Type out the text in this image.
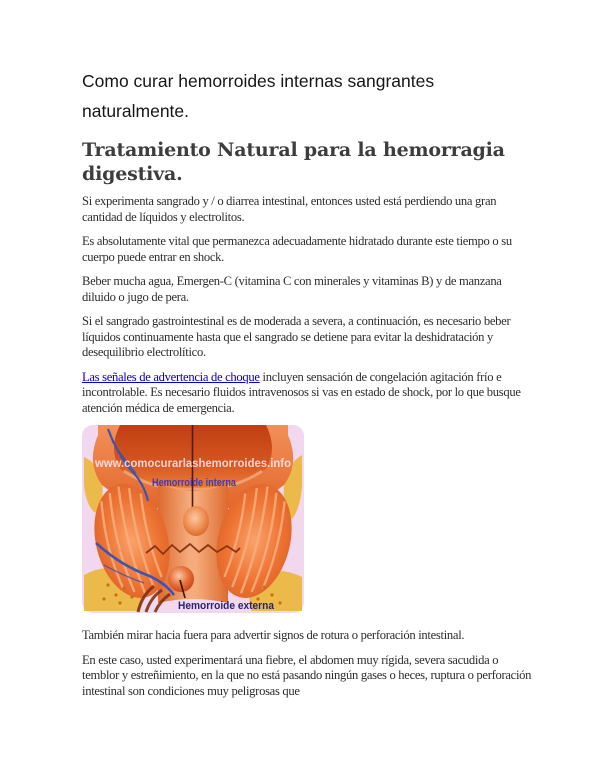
Como curar hemorroides internas sangrantes naturalmente.
Tratamiento Natural para la hemorragia digestiva.

Si experimenta sangrado y / o diarrea intestinal, entonces usted está perdiendo una gran cantidad de líquidos y electrolitos.

Es absolutamente vital que permanezca adecuadamente hidratado durante este tiempo o su cuerpo puede entrar en shock.

Beber mucha agua, Emergen-C (vitamina C con minerales y vitaminas B) y de manzana diluido o jugo de pera.

Si el sangrado gastrointestinal es de moderada a severa, a continuación, es necesario beber líquidos continuamente hasta que el sangrado se detiene para evitar la deshidratación y desequilibrio electrolítico.

Las señales de advertencia de choque incluyen sensación de congelación agitación frío e incontrolable. Es necesario fluidos intravenosos si vas en estado de shock, por lo que busque atención médica de emergencia.

www.comocurarlashemorroides.info
Hemorroide interna
Hemorroide externa

También mirar hacia fuera para advertir signos de rotura o perforación intestinal.

En este caso, usted experimentará una fiebre, el abdomen muy rígida, severa sacudida o temblor y estreñimiento, en la que no está pasando ningún gases o heces, ruptura o perforación intestinal son condiciones muy peligrosas que
